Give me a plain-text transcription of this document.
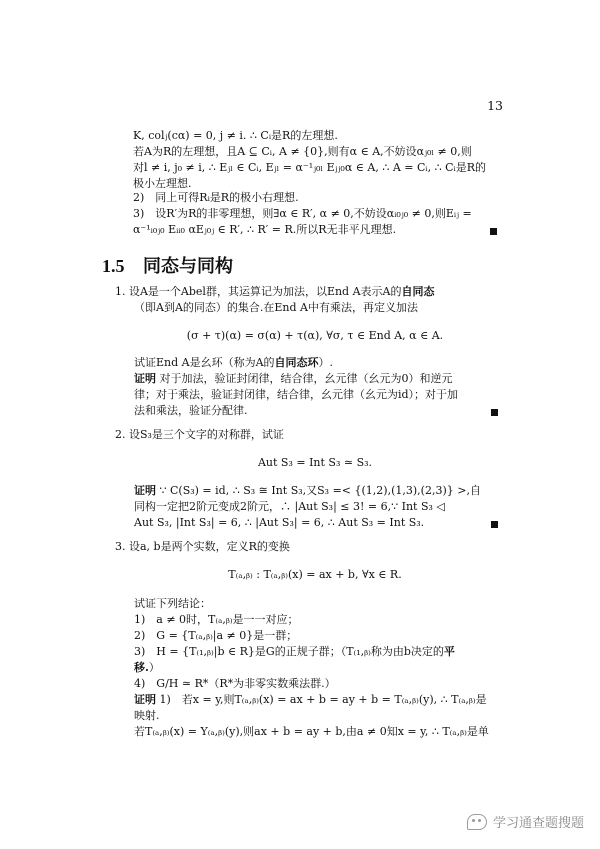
13
K, colⱼ(cα) = 0, j ≠ i. ∴ Cᵢ是R的左理想.
若A为R的左理想，且A ⊆ Cᵢ, A ≠ {0},则有α ∈ A,不妨设αⱼ₀ₗ ≠ 0,则
对l ≠ i, j₀ ≠ i, ∴ Eⱼₗ ∈ Cᵢ, Eⱼₗ = α⁻¹ⱼ₀ₗ Eⱼⱼ₀α ∈ A, ∴ A = Cᵢ, ∴ Cᵢ是R的
极小左理想.
2)　同上可得Rᵢ是R的极小右理想.
3)　设R′为R的非零理想，则∃α ∈ R′, α ≠ 0,不妨设αᵢ₀ⱼ₀ ≠ 0,则Eᵢⱼ =
α⁻¹ᵢ₀ⱼ₀ Eᵢᵢ₀ αEⱼ₀ⱼ ∈ R′, ∴ R′ = R.所以R无非平凡理想.
1.5 同态与同构
1. 设A是一个Abel群，其运算记为加法，以End A表示A的自同态
（即A到A的同态）的集合.在End A中有乘法，再定义加法
(σ + τ)(α) = σ(α) + τ(α), ∀σ, τ ∈ End A, α ∈ A.
试证End A是幺环（称为A的自同态环）.
证明 对于加法，验证封闭律，结合律，幺元律（幺元为0）和逆元
律；对于乘法，验证封闭律，结合律，幺元律（幺元为id）；对于加
法和乘法，验证分配律.
2. 设S₃是三个文字的对称群，试证
Aut S₃ = Int S₃ ≃ S₃.
证明 ∵ C(S₃) = id, ∴ S₃ ≅ Int S₃,又S₃ =< {(1,2),(1,3),(2,3)} >,自
同构一定把2阶元变成2阶元，∴ |Aut S₃| ≤ 3! = 6,∵ Int S₃ ◁
Aut S₃, |Int S₃| = 6, ∴ |Aut S₃| = 6, ∴ Aut S₃ = Int S₃.
3. 设a, b是两个实数，定义R的变换
T₍ₐ,ᵦ₎ : T₍ₐ,ᵦ₎(x) = ax + b, ∀x ∈ R.
试证下列结论：
1)　a ≠ 0时，T₍ₐ,ᵦ₎是一一对应；
2)　G = {T₍ₐ,ᵦ₎|a ≠ 0}是一群；
3)　H = {T₍₁,ᵦ₎|b ∈ R}是G的正规子群；（T₍₁,ᵦ₎称为由b决定的平
移.）
4)　G/H ≃ R*（R*为非零实数乘法群.）
证明 1)　若x = y,则T₍ₐ,ᵦ₎(x) = ax + b = ay + b = T₍ₐ,ᵦ₎(y), ∴ T₍ₐ,ᵦ₎是
映射.
若T₍ₐ,ᵦ₎(x) = Y₍ₐ,ᵦ₎(y),则ax + b = ay + b,由a ≠ 0知x = y, ∴ T₍ₐ,ᵦ₎是单
学习通查题搜题
